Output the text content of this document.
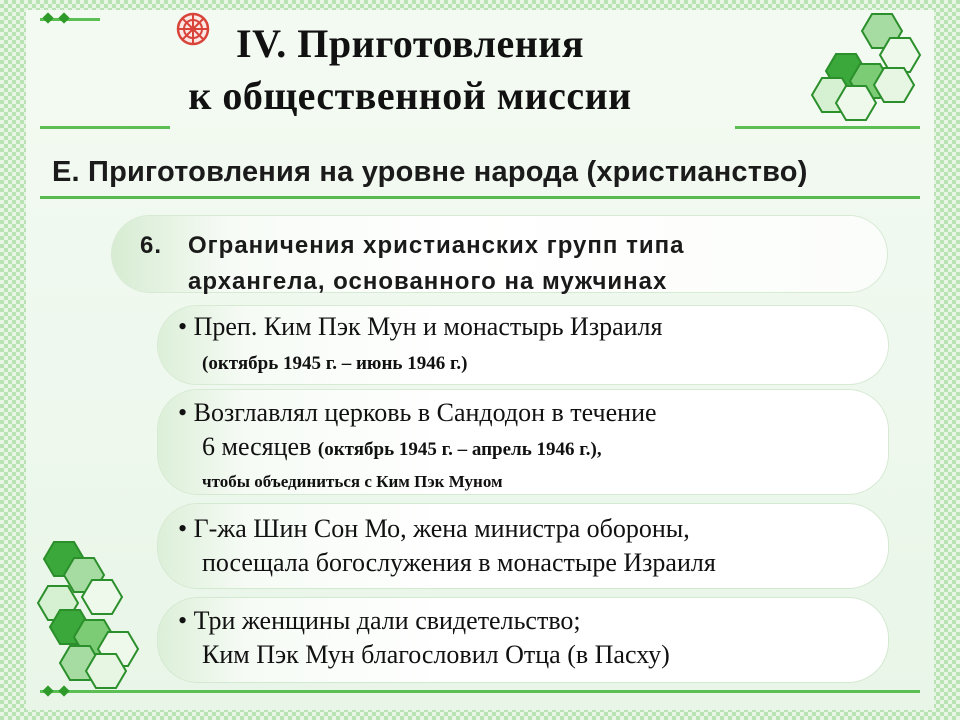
IV. Приготовления
к общественной миссии
Е. Приготовления на уровне народа (христианство)
6. Ограничения христианских групп типа
архангела, основанного на мужчинах
• Преп. Ким Пэк Мун и монастырь Израиля
(октябрь 1945 г. – июнь 1946 г.)
• Возглавлял церковь в Сандодон в течение
6 месяцев (октябрь 1945 г. – апрель 1946 г.),
чтобы объединиться с Ким Пэк Муном
• Г-жа Шин Сон Мо, жена министра обороны,
посещала богослужения в монастыре Израиля
• Три женщины дали свидетельство;
Ким Пэк Мун благословил Отца (в Пасху)
